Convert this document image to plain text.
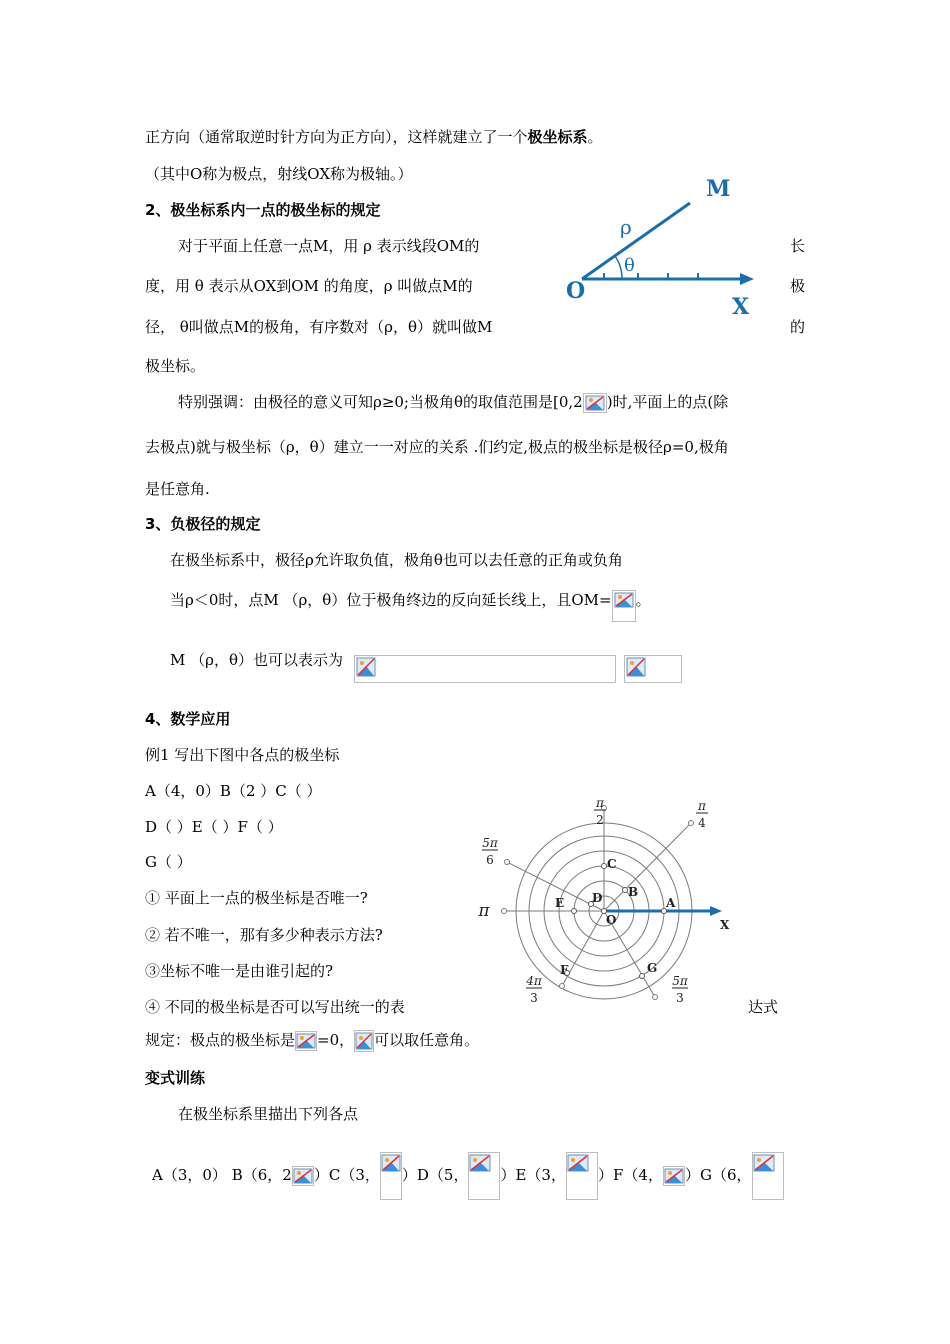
正方向（通常取逆时针方向为正方向），这样就建立了一个极坐标系。
（其中O称为极点，射线OX称为极轴。）
2、极坐标系内一点的极坐标的规定
对于平面上任意一点M，用 ρ 表示线段OM的	长
度，用 θ 表示从OX到OM 的角度，ρ 叫做点M的	极
径， θ叫做点M的极角，有序数对（ρ，θ）就叫做M	的
极坐标。
M
ρ
θ
O
X
特别强调：由极径的意义可知ρ≥0;当极角θ的取值范围是[0,2 )时,平面上的点(除
去极点)就与极坐标（ρ，θ）建立一一对应的关系 .们约定,极点的极坐标是极径ρ=0,极角
是任意角.
3、负极径的规定
在极坐标系中，极径ρ允许取负值，极角θ也可以去任意的正角或负角
当ρ＜0时，点M （ρ，θ）位于极角终边的反向延长线上，且OM= 。
M （ρ，θ）也可以表示为
4、数学应用
例1 写出下图中各点的极坐标
A（4，0）B（2 ）C（ ）
D（ ）E（ ）F（ ）
G（ ）
① 平面上一点的极坐标是否唯一?
② 若不唯一，那有多少种表示方法?
③坐标不唯一是由谁引起的?
④ 不同的极坐标是否可以写出统一的表	达式
规定：极点的极坐标是 =0， 可以取任意角。
A
B
C
D
E
F	G
O	X
π
2
π
4
5π
6
π
4π
3
5π
3
变式训练
在极坐标系里描出下列各点
A（3，0） B（6，2 ）C（3， ）D（5， ）E（3， ）F（4， ）G（6，
